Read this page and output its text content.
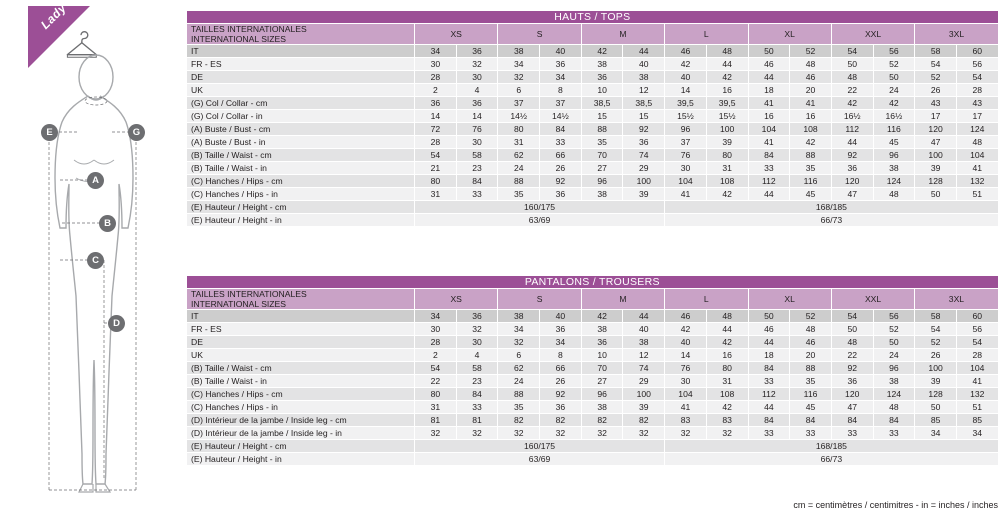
Lady
E	G
A
B
C
D
HAUTS / TOPS														

TAILLES INTERNATIONALES
INTERNATIONAL SIZES	XS		S		M		L		XL		XXL		3XL	
IT	34	36	38	40	42	44	46	48	50	52	54	56	58	60
FR - ES	30	32	34	36	38	40	42	44	46	48	50	52	54	56
DE	28	30	32	34	36	38	40	42	44	46	48	50	52	54
UK	2	4	6	8	10	12	14	16	18	20	22	24	26	28
(G) Col / Collar - cm	36	36	37	37	38,5	38,5	39,5	39,5	41	41	42	42	43	43
(G) Col / Collar - in	14	14	14½	14½	15	15	15½	15½	16	16	16½	16½	17	17
(A) Buste / Bust - cm	72	76	80	84	88	92	96	100	104	108	112	116	120	124
(A) Buste / Bust - in	28	30	31	33	35	36	37	39	41	42	44	45	47	48
(B) Taille / Waist - cm	54	58	62	66	70	74	76	80	84	88	92	96	100	104
(B) Taille / Waist - in	21	23	24	26	27	29	30	31	33	35	36	38	39	41
(C) Hanches / Hips - cm	80	84	88	92	96	100	104	108	112	116	120	124	128	132
(C) Hanches / Hips - in	31	33	35	36	38	39	41	42	44	45	47	48	50	51
(E) Hauteur / Height - cm	160/175						168/185							
(E) Hauteur / Height - in	63/69						66/73							
PANTALONS / TROUSERS														

TAILLES INTERNATIONALES
INTERNATIONAL SIZES	XS		S		M		L		XL		XXL		3XL	
IT	34	36	38	40	42	44	46	48	50	52	54	56	58	60
FR - ES	30	32	34	36	38	40	42	44	46	48	50	52	54	56
DE	28	30	32	34	36	38	40	42	44	46	48	50	52	54
UK	2	4	6	8	10	12	14	16	18	20	22	24	26	28
(B) Taille / Waist - cm	54	58	62	66	70	74	76	80	84	88	92	96	100	104
(B) Taille / Waist - in	22	23	24	26	27	29	30	31	33	35	36	38	39	41
(C) Hanches / Hips - cm	80	84	88	92	96	100	104	108	112	116	120	124	128	132
(C) Hanches / Hips - in	31	33	35	36	38	39	41	42	44	45	47	48	50	51
(D) Intérieur de la jambe / Inside leg - cm	81	81	82	82	82	82	83	83	84	84	84	84	85	85
(D) Intérieur de la jambe / Inside leg - in	32	32	32	32	32	32	32	32	33	33	33	33	34	34
(E) Hauteur / Height - cm	160/175						168/185							
(E) Hauteur / Height - in	63/69						66/73							
cm = centimètres / centimitres - in = inches / inches
